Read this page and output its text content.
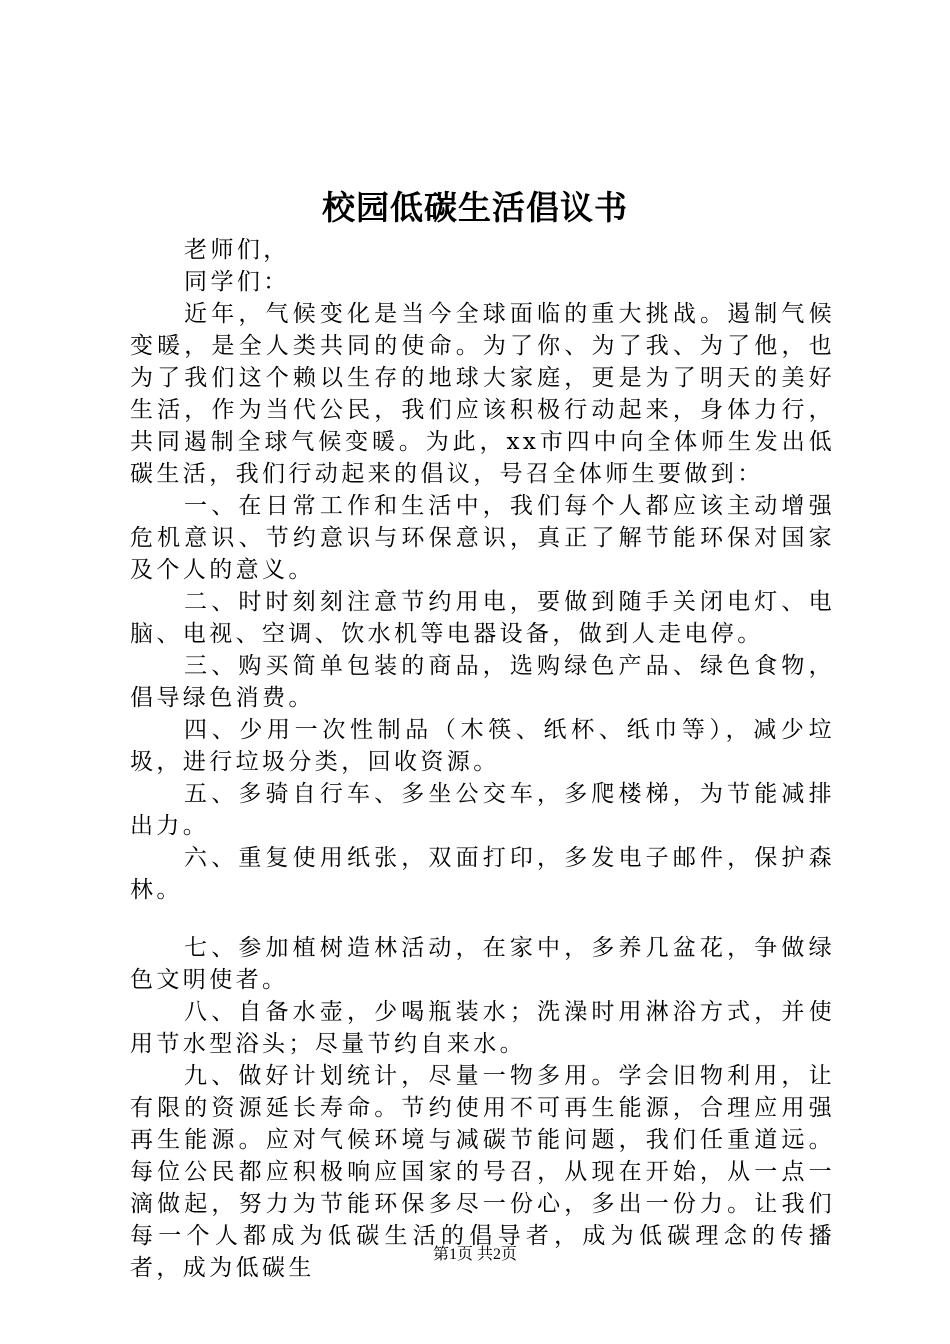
校园低碳生活倡议书

老师们，

同学们：

近年，气候变化是当今全球面临的重大挑战。遏制气候变暖，是全人类共同的使命。为了你、为了我、为了他，也为了我们这个赖以生存的地球大家庭，更是为了明天的美好生活，作为当代公民，我们应该积极行动起来，身体力行，共同遏制全球气候变暖。为此，xx市四中向全体师生发出低碳生活，我们行动起来的倡议，号召全体师生要做到：

一、在日常工作和生活中，我们每个人都应该主动增强危机意识、节约意识与环保意识，真正了解节能环保对国家及个人的意义。

二、时时刻刻注意节约用电，要做到随手关闭电灯、电脑、电视、空调、饮水机等电器设备，做到人走电停。

三、购买简单包装的商品，选购绿色产品、绿色食物，倡导绿色消费。

四、少用一次性制品（木筷、纸杯、纸巾等），减少垃圾，进行垃圾分类，回收资源。

五、多骑自行车、多坐公交车，多爬楼梯，为节能减排出力。

六、重复使用纸张，双面打印，多发电子邮件，保护森林。

七、参加植树造林活动，在家中，多养几盆花，争做绿色文明使者。

八、自备水壶，少喝瓶装水；洗澡时用淋浴方式，并使用节水型浴头；尽量节约自来水。

九、做好计划统计，尽量一物多用。学会旧物利用，让有限的资源延长寿命。节约使用不可再生能源，合理应用强再生能源。应对气候环境与减碳节能问题，我们任重道远。每位公民都应积极响应国家的号召，从现在开始，从一点一滴做起，努力为节能环保多尽一份心，多出一份力。让我们每一个人都成为低碳生活的倡导者，成为低碳理念的传播者，成为低碳生

第1页 共2页
